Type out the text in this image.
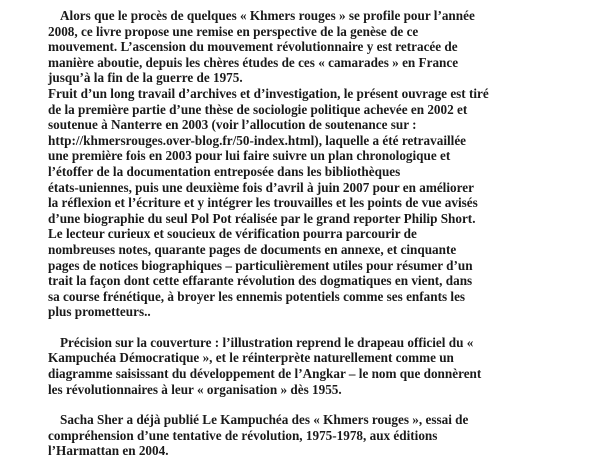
Alors que le procès de quelques « Khmers rouges » se profile pour l’année
2008, ce livre propose une remise en perspective de la genèse de ce
mouvement. L’ascension du mouvement révolutionnaire y est retracée de
manière aboutie, depuis les chères études de ces « camarades » en France
jusqu’à la fin de la guerre de 1975.

Fruit d’un long travail d’archives et d’investigation, le présent ouvrage est tiré
de la première partie d’une thèse de sociologie politique achevée en 2002 et
soutenue à Nanterre en 2003 (voir l’allocution de soutenance sur :
http://khmersrouges.over-blog.fr/50-index.html), laquelle a été retravaillée
une première fois en 2003 pour lui faire suivre un plan chronologique et
l’étoffer de la documentation entreposée dans les bibliothèques
états-uniennes, puis une deuxième fois d’avril à juin 2007 pour en améliorer
la réflexion et l’écriture et y intégrer les trouvailles et les points de vue avisés
d’une biographie du seul Pol Pot réalisée par le grand reporter Philip Short.
Le lecteur curieux et soucieux de vérification pourra parcourir de
nombreuses notes, quarante pages de documents en annexe, et cinquante
pages de notices biographiques – particulièrement utiles pour résumer d’un
trait la façon dont cette effarante révolution des dogmatiques en vient, dans
sa course frénétique, à broyer les ennemis potentiels comme ses enfants les
plus prometteurs..

Précision sur la couverture : l’illustration reprend le drapeau officiel du «
Kampuchéa Démocratique », et le réinterprète naturellement comme un
diagramme saisissant du développement de l’Angkar – le nom que donnèrent
les révolutionnaires à leur « organisation » dès 1955.

Sacha Sher a déjà publié Le Kampuchéa des « Khmers rouges », essai de
compréhension d’une tentative de révolution, 1975-1978, aux éditions
l’Harmattan en 2004.
